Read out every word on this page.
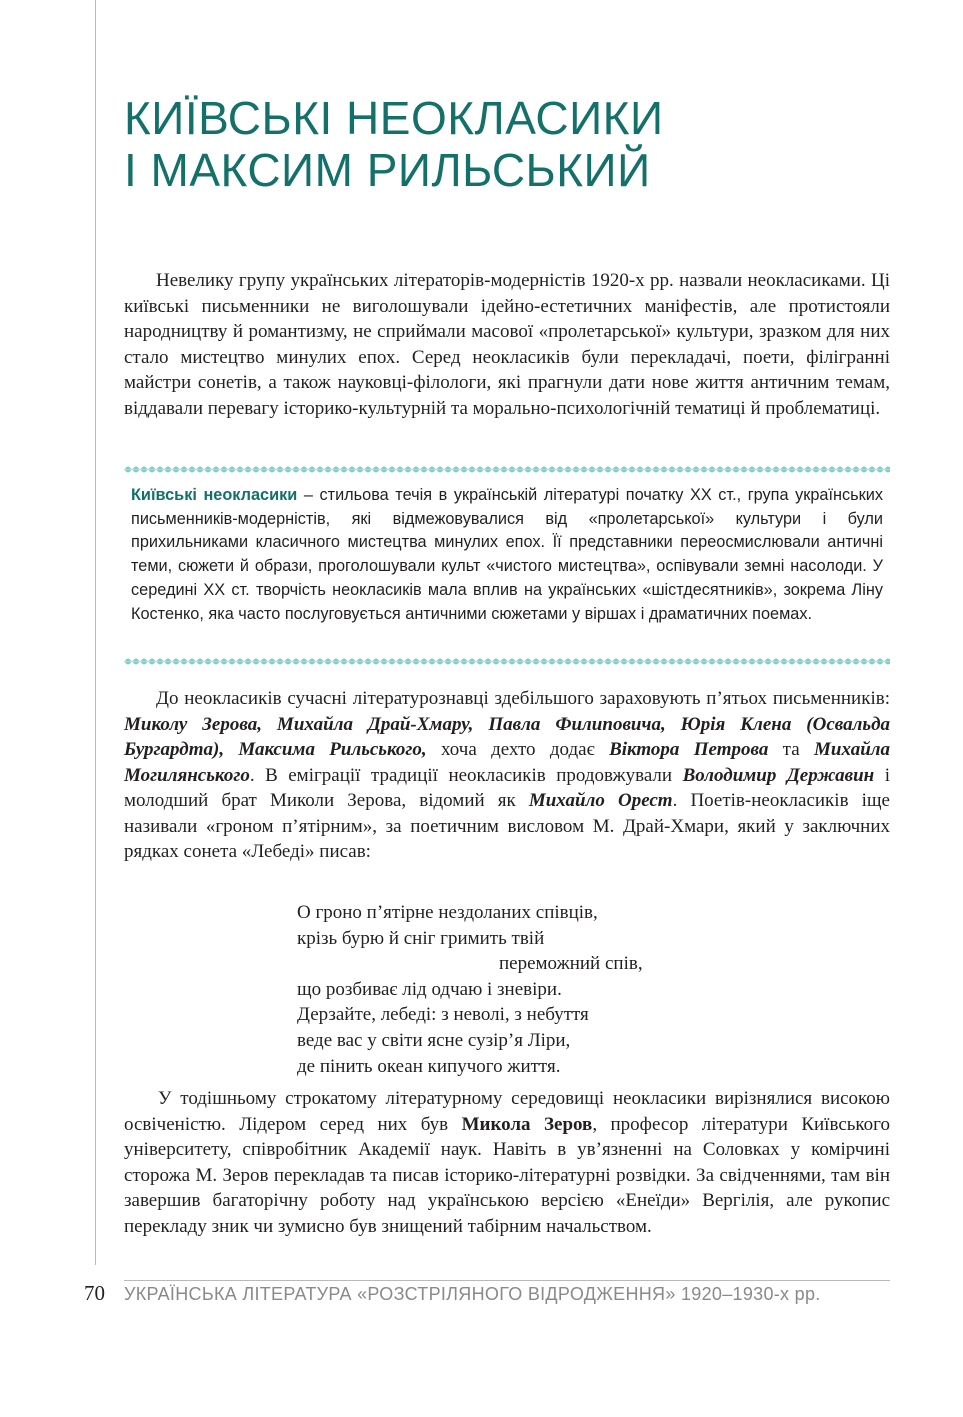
КИЇВСЬКІ НЕОКЛАСИКИ
І МАКСИМ РИЛЬСЬКИЙ

Невелику групу українських літераторів-модерністів 1920-х рр. назвали неокласиками. Ці київські письменники не виголошували ідейно-естетичних маніфестів, але протистояли народництву й романтизму, не сприймали масової «пролетарської» культури, зразком для них стало мистецтво минулих епох. Серед неокласиків були перекладачі, поети, філігранні майстри сонетів, а також науковці-філологи, які прагнули дати нове життя античним темам, віддавали перевагу історико-культурній та морально-психологічній тематиці й проблематиці.

Київські неокласики – стильова течія в українській літературі початку ХХ ст., група українських письменників-модерністів, які відмежовувалися від «пролетарської» культури і були прихильниками класичного мистецтва минулих епох. Її представники переосмислювали античні теми, сюжети й образи, проголошували культ «чистого мистецтва», оспівували земні насолоди. У середині ХХ ст. творчість неокласиків мала вплив на українських «шістдесятників», зокрема Ліну Костенко, яка часто послуговується античними сюжетами у віршах і драматичних поемах.

До неокласиків сучасні літературознавці здебільшого зараховують п’ятьох письменників: Миколу Зерова, Михайла Драй-Хмару, Павла Филиповича, Юрія Клена (Освальда Бургардта), Максима Рильського, хоча дехто додає Віктора Петрова та Михайла Могилянського. В еміграції традиції неокласиків продовжували Володимир Державин і молодший брат Миколи Зерова, відомий як Михайло Орест. Поетів-неокласиків іще називали «гроном п’ятірним», за поетичним висловом М. Драй-Хмари, який у заключних рядках сонета «Лебеді» писав:

О гроно п’ятірне нездоланих співців,
крізь бурю й сніг гримить твій
переможний спів,
що розбиває лід одчаю і зневіри.
Дерзайте, лебеді: з неволі, з небуття
веде вас у світи ясне сузір’я Ліри,
де пінить океан кипучого життя.

У тодішньому строкатому літературному середовищі неокласики вирізнялися високою освіченістю. Лідером серед них був Микола Зеров, професор літератури Київського університету, співробітник Академії наук. Навіть в ув’язненні на Соловках у комірчині сторожа М. Зеров перекладав та писав історико-літературні розвідки. За свідченнями, там він завершив багаторічну роботу над українською версією «Енеїди» Вергілія, але рукопис перекладу зник чи зумисно був знищений табірним начальством.

70 УКРАЇНСЬКА ЛІТЕРАТУРА «РОЗСТРІЛЯНОГО ВІДРОДЖЕННЯ» 1920–1930-х рр.
